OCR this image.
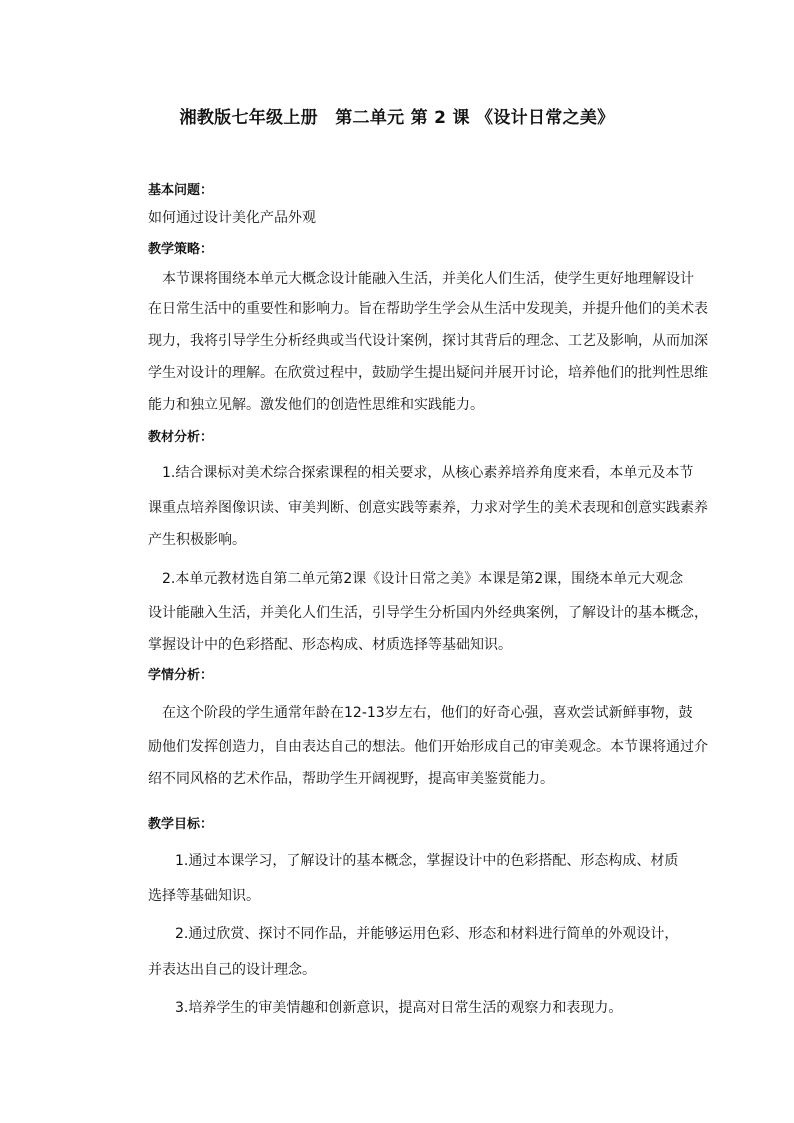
湘教版七年级上册　第二单元 第 2 课 《设计日常之美》
基本问题：
如何通过设计美化产品外观
教学策略：
　本节课将围绕本单元大概念设计能融入生活，并美化人们生活，使学生更好地理解设计
在日常生活中的重要性和影响力。旨在帮助学生学会从生活中发现美，并提升他们的美术表
现力，我将引导学生分析经典或当代设计案例，探讨其背后的理念、工艺及影响，从而加深
学生对设计的理解。在欣赏过程中，鼓励学生提出疑问并展开讨论，培养他们的批判性思维
能力和独立见解。激发他们的创造性思维和实践能力。
教材分析：
　1.结合课标对美术综合探索课程的相关要求，从核心素养培养角度来看，本单元及本节
课重点培养图像识读、审美判断、创意实践等素养，力求对学生的美术表现和创意实践素养
产生积极影响。
　2.本单元教材选自第二单元第2课《设计日常之美》本课是第2课，围绕本单元大观念
设计能融入生活，并美化人们生活，引导学生分析国内外经典案例，了解设计的基本概念，
掌握设计中的色彩搭配、形态构成、材质选择等基础知识。
学情分析：
　在这个阶段的学生通常年龄在12-13岁左右，他们的好奇心强，喜欢尝试新鲜事物，鼓
励他们发挥创造力，自由表达自己的想法。他们开始形成自己的审美观念。本节课将通过介
绍不同风格的艺术作品，帮助学生开阔视野，提高审美鉴赏能力。
教学目标：
1.通过本课学习，了解设计的基本概念，掌握设计中的色彩搭配、形态构成、材质
选择等基础知识。
2.通过欣赏、探讨不同作品，并能够运用色彩、形态和材料进行简单的外观设计，
并表达出自己的设计理念。
3.培养学生的审美情趣和创新意识，提高对日常生活的观察力和表现力。
